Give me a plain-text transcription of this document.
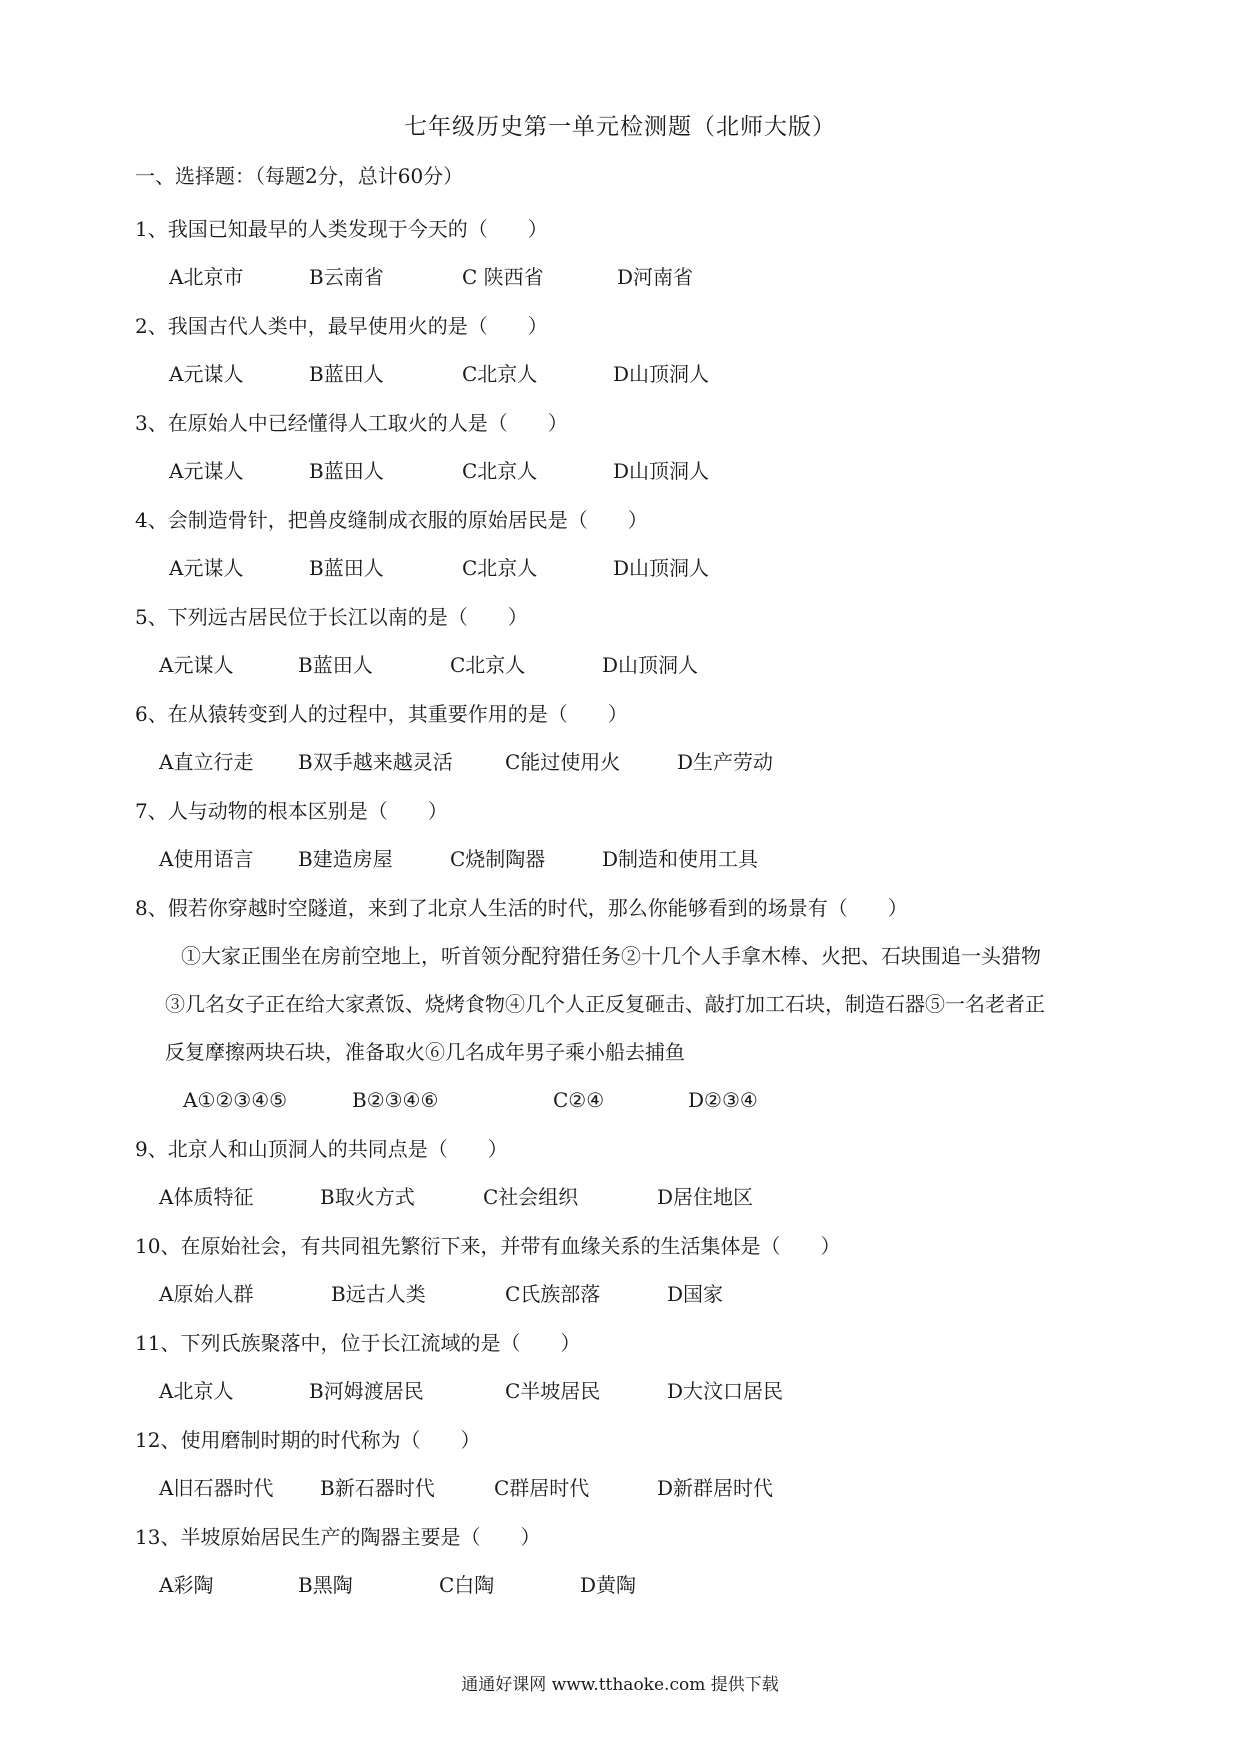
七年级历史第一单元检测题（北师大版）
一、选择题：（每题2分，总计60分）
1、我国已知最早的人类发现于今天的（　　）
A北京市	B云南省	C 陕西省	D河南省
2、我国古代人类中，最早使用火的是（　　）
A元谋人	B蓝田人	C北京人	D山顶洞人
3、在原始人中已经懂得人工取火的人是（　　）
A元谋人	B蓝田人	C北京人	D山顶洞人
4、会制造骨针，把兽皮缝制成衣服的原始居民是（　　）
A元谋人	B蓝田人	C北京人	D山顶洞人
5、下列远古居民位于长江以南的是（　　）
A元谋人	B蓝田人	C北京人	D山顶洞人
6、在从猿转变到人的过程中，其重要作用的是（　　）
A直立行走 B双手越来越灵活	C能过使用火	D生产劳动
7、人与动物的根本区别是（　　）
A使用语言 B建造房屋	C烧制陶器	D制造和使用工具
8、假若你穿越时空隧道，来到了北京人生活的时代，那么你能够看到的场景有（　　）
①大家正围坐在房前空地上，听首领分配狩猎任务②十几个人手拿木棒、火把、石块围追一头猎物
③几名女子正在给大家煮饭、烧烤食物④几个人正反复砸击、敲打加工石块，制造石器⑤一名老者正
反复摩擦两块石块，准备取火⑥几名成年男子乘小船去捕鱼
A①②③④⑤	B②③④⑥	C②④	D②③④
9、北京人和山顶洞人的共同点是（　　）
A体质特征	B取火方式	C社会组织	D居住地区
10、在原始社会，有共同祖先繁衍下来，并带有血缘关系的生活集体是（　　）
A原始人群	B远古人类	C氏族部落	D国家
11、下列氏族聚落中，位于长江流域的是（　　）
A北京人	B河姆渡居民	C半坡居民	D大汶口居民
12、使用磨制时期的时代称为（　　）
A旧石器时代 B新石器时代	C群居时代	D新群居时代
13、半坡原始居民生产的陶器主要是（　　）
A彩陶	B黑陶	C白陶	D黄陶
通通好课网 www.tthaoke.com 提供下载
